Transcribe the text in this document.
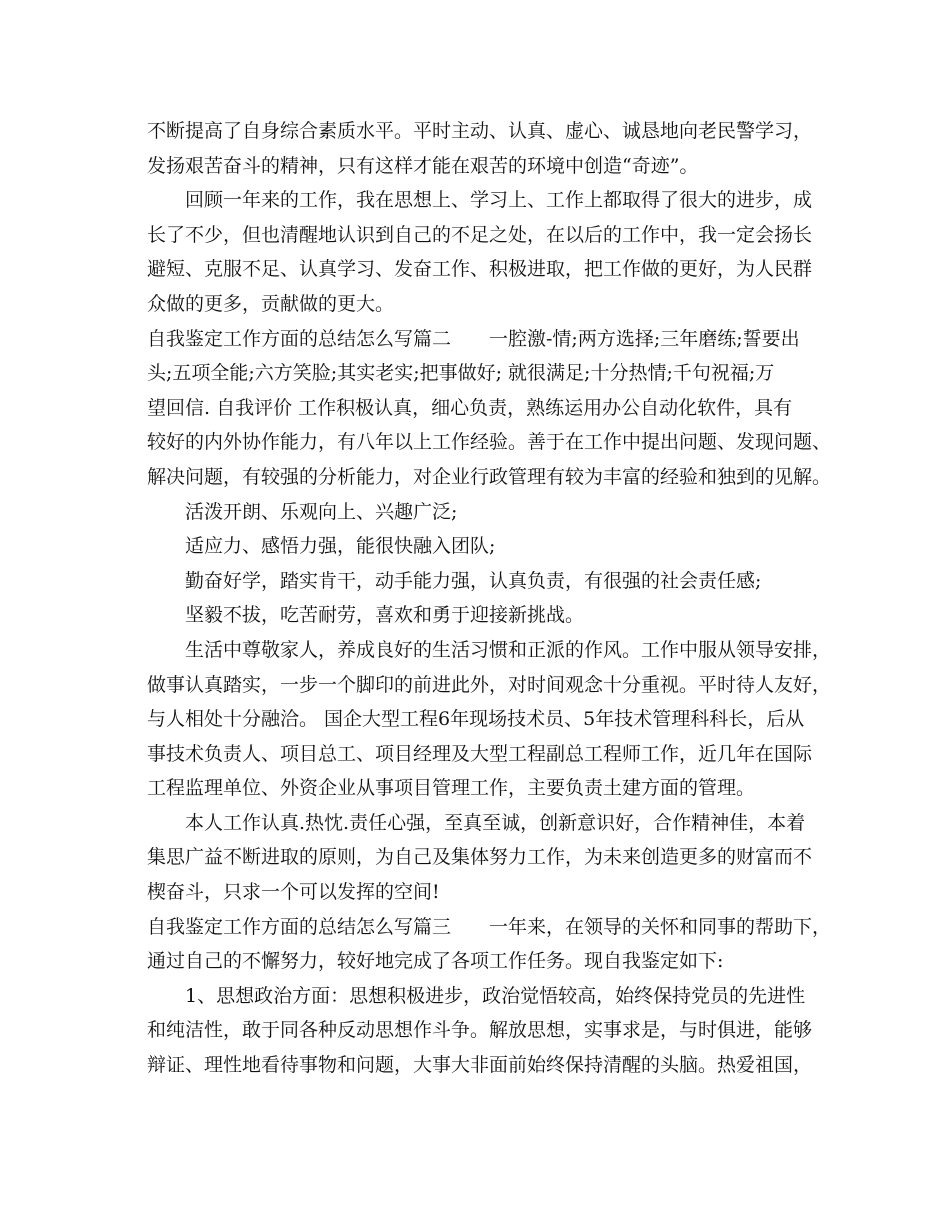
不断提高了自身综合素质水平。平时主动、认真、虚心、诚恳地向老民警学习，
发扬艰苦奋斗的精神，只有这样才能在艰苦的环境中创造“奇迹”。
回顾一年来的工作，我在思想上、学习上、工作上都取得了很大的进步，成
长了不少，但也清醒地认识到自己的不足之处，在以后的工作中，我一定会扬长
避短、克服不足、认真学习、发奋工作、积极进取，把工作做的更好，为人民群
众做的更多，贡献做的更大。
自我鉴定工作方面的总结怎么写篇二　　一腔激-情;两方选择;三年磨练;誓要出
头;五项全能;六方笑脸;其实老实;把事做好; 就很满足;十分热情;千句祝福;万
望回信. 自我评价 工作积极认真，细心负责，熟练运用办公自动化软件，具有
较好的内外协作能力，有八年以上工作经验。善于在工作中提出问题、发现问题、
解决问题，有较强的分析能力，对企业行政管理有较为丰富的经验和独到的见解。
活泼开朗、乐观向上、兴趣广泛;
适应力、感悟力强，能很快融入团队;
勤奋好学，踏实肯干，动手能力强，认真负责，有很强的社会责任感;
坚毅不拔，吃苦耐劳，喜欢和勇于迎接新挑战。
生活中尊敬家人，养成良好的生活习惯和正派的作风。工作中服从领导安排，
做事认真踏实，一步一个脚印的前进此外，对时间观念十分重视。平时待人友好，
与人相处十分融洽。 国企大型工程6年现场技术员、5年技术管理科科长，后从
事技术负责人、项目总工、项目经理及大型工程副总工程师工作，近几年在国际
工程监理单位、外资企业从事项目管理工作，主要负责土建方面的管理。
本人工作认真.热忱.责任心强，至真至诚，创新意识好，合作精神佳，本着
集思广益不断进取的原则，为自己及集体努力工作，为未来创造更多的财富而不
楔奋斗，只求一个可以发挥的空间!
自我鉴定工作方面的总结怎么写篇三　　一年来，在领导的关怀和同事的帮助下，
通过自己的不懈努力，较好地完成了各项工作任务。现自我鉴定如下:
1、思想政治方面：思想积极进步，政治觉悟较高，始终保持党员的先进性
和纯洁性，敢于同各种反动思想作斗争。解放思想，实事求是，与时俱进，能够
辩证、理性地看待事物和问题，大事大非面前始终保持清醒的头脑。热爱祖国，
